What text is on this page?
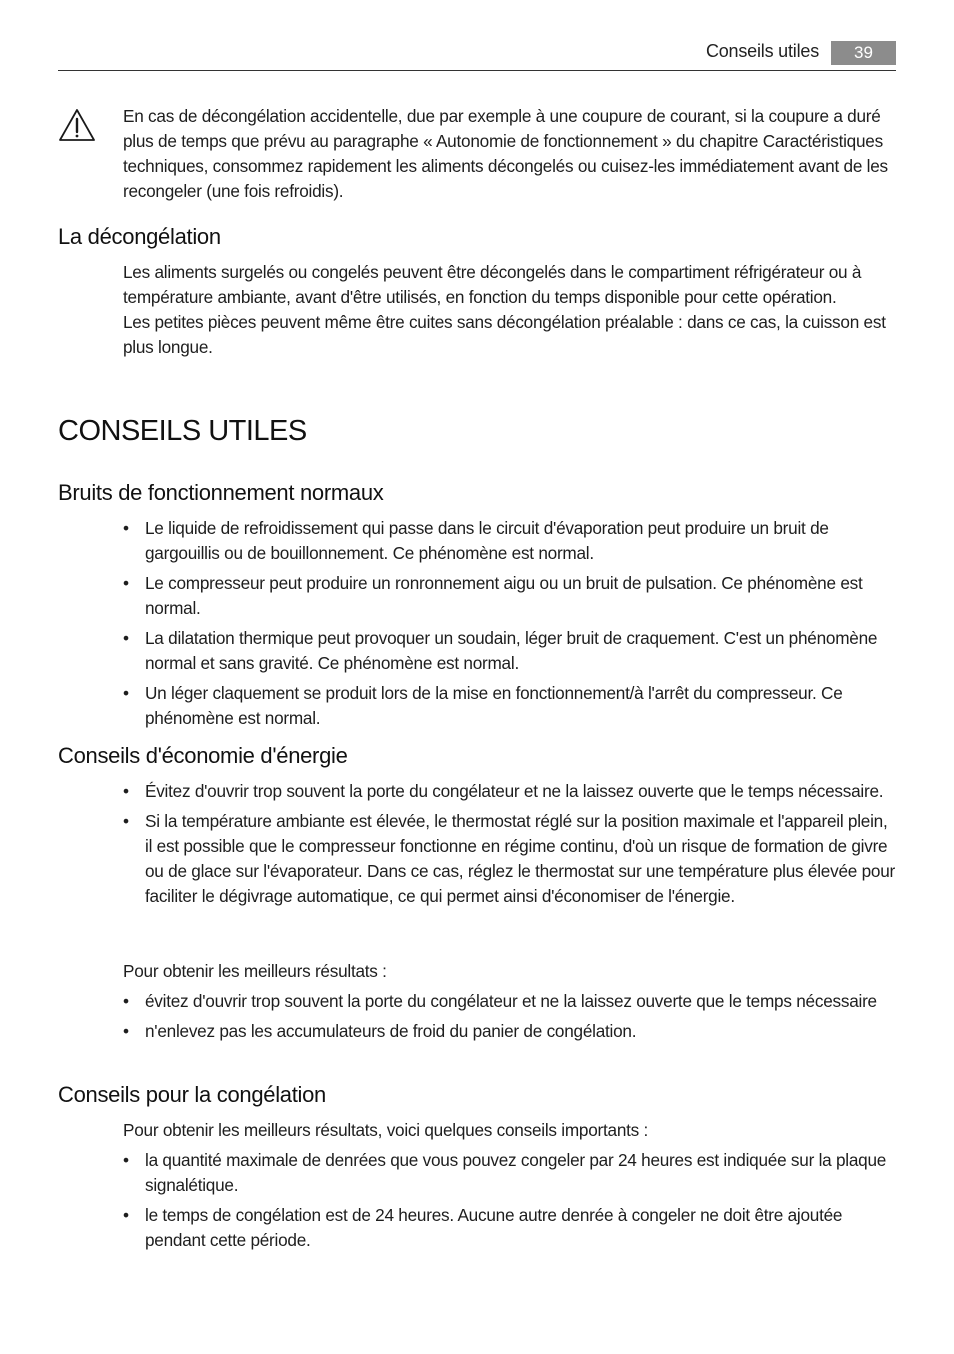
Conseils utiles	39

En cas de décongélation accidentelle, due par exemple à une coupure de courant, si la coupure a duré plus de temps que prévu au paragraphe « Autonomie de fonctionnement » du chapitre Caractéristiques techniques, consommez rapidement les aliments décongelés ou cuisez-les immédiatement avant de les recongeler (une fois refroidis).

La décongélation

Les aliments surgelés ou congelés peuvent être décongelés dans le compartiment réfrigérateur ou à température ambiante, avant d'être utilisés, en fonction du temps disponible pour cette opération.

Les petites pièces peuvent même être cuites sans décongélation préalable : dans ce cas, la cuisson est plus longue.

CONSEILS UTILES
Bruits de fonctionnement normaux
• Le liquide de refroidissement qui passe dans le circuit d'évaporation peut produire un bruit de gargouillis ou de bouillonnement. Ce phénomène est normal.
• Le compresseur peut produire un ronronnement aigu ou un bruit de pulsation. Ce phénomène est normal.
• La dilatation thermique peut provoquer un soudain, léger bruit de craquement. C'est un phénomène normal et sans gravité. Ce phénomène est normal.
• Un léger claquement se produit lors de la mise en fonctionnement/à l'arrêt du compresseur. Ce phénomène est normal.
Conseils d'économie d'énergie
• Évitez d'ouvrir trop souvent la porte du congélateur et ne la laissez ouverte que le temps nécessaire.
• Si la température ambiante est élevée, le thermostat réglé sur la position maximale et l'appareil plein, il est possible que le compresseur fonctionne en régime continu, d'où un risque de formation de givre ou de glace sur l'évaporateur. Dans ce cas, réglez le thermostat sur une température plus élevée pour faciliter le dégivrage automatique, ce qui permet ainsi d'économiser de l'énergie.

Pour obtenir les meilleurs résultats :

• évitez d'ouvrir trop souvent la porte du congélateur et ne la laissez ouverte que le temps nécessaire
• n'enlevez pas les accumulateurs de froid du panier de congélation.
Conseils pour la congélation

Pour obtenir les meilleurs résultats, voici quelques conseils importants :

• la quantité maximale de denrées que vous pouvez congeler par 24 heures est indiquée sur la plaque signalétique.
• le temps de congélation est de 24 heures. Aucune autre denrée à congeler ne doit être ajoutée pendant cette période.
